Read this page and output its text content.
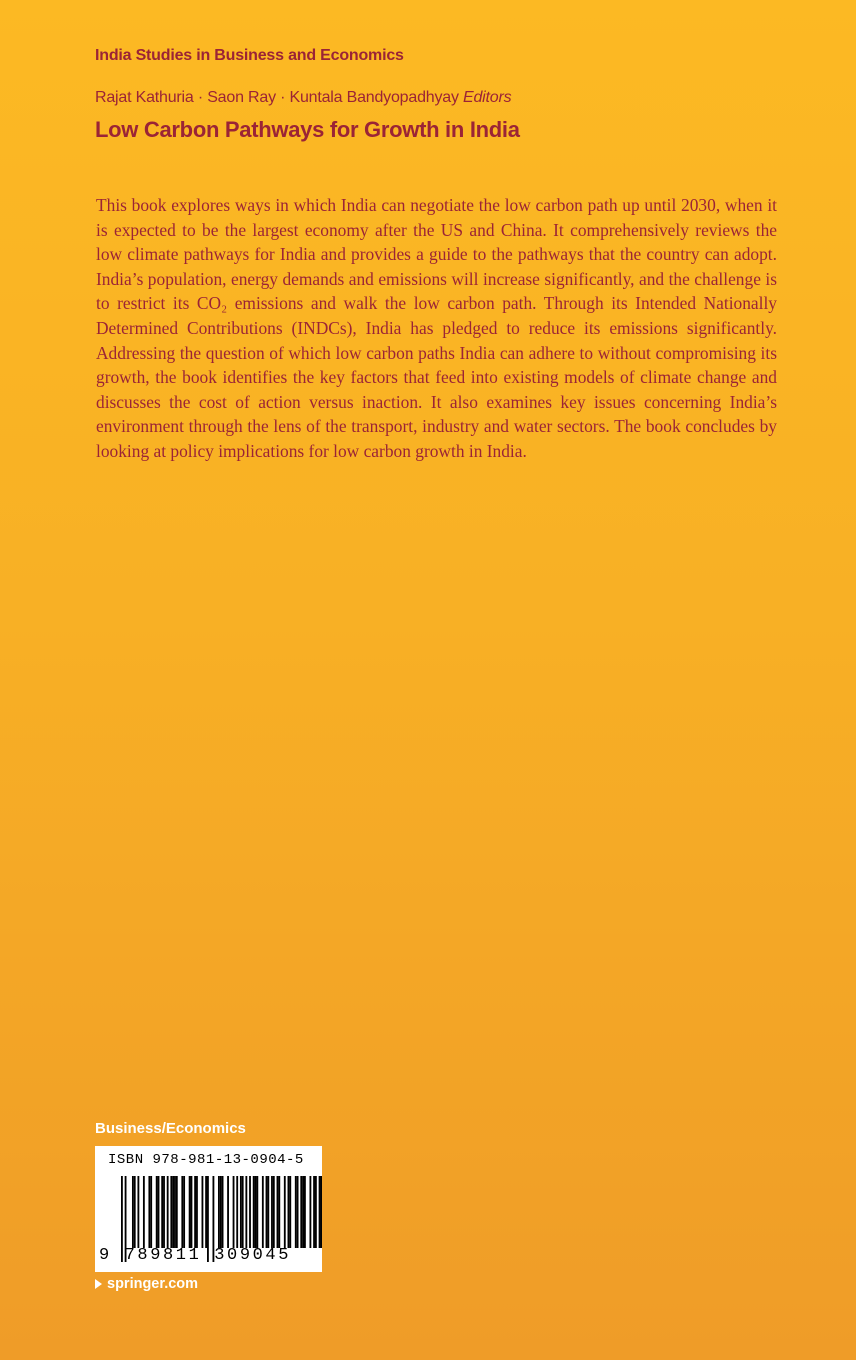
India Studies in Business and Economics
Rajat Kathuria · Saon Ray · Kuntala Bandyopadhyay Editors
Low Carbon Pathways for Growth in India

This book explores ways in which India can negotiate the low carbon path up until 2030, when it is expected to be the largest economy after the US and China. It comprehensively reviews the low climate pathways for India and provides a guide to the pathways that the country can adopt. India’s population, energy demands and emissions will increase significantly, and the challenge is to restrict its CO₂ emissions and walk the low carbon path. Through its Intended Nationally Determined Contributions (INDCs), India has pledged to reduce its emissions significantly. Addressing the question of which low carbon paths India can adhere to without compromising its growth, the book identifies the key factors that feed into existing models of climate change and discusses the cost of action versus inaction. It also examines key issues concerning India’s environment through the lens of the transport, industry and water sectors. The book concludes by looking at policy implications for low carbon growth in India.

Business/Economics
ISBN 978-981-13-0904-5
9 789811 309045
springer.com
